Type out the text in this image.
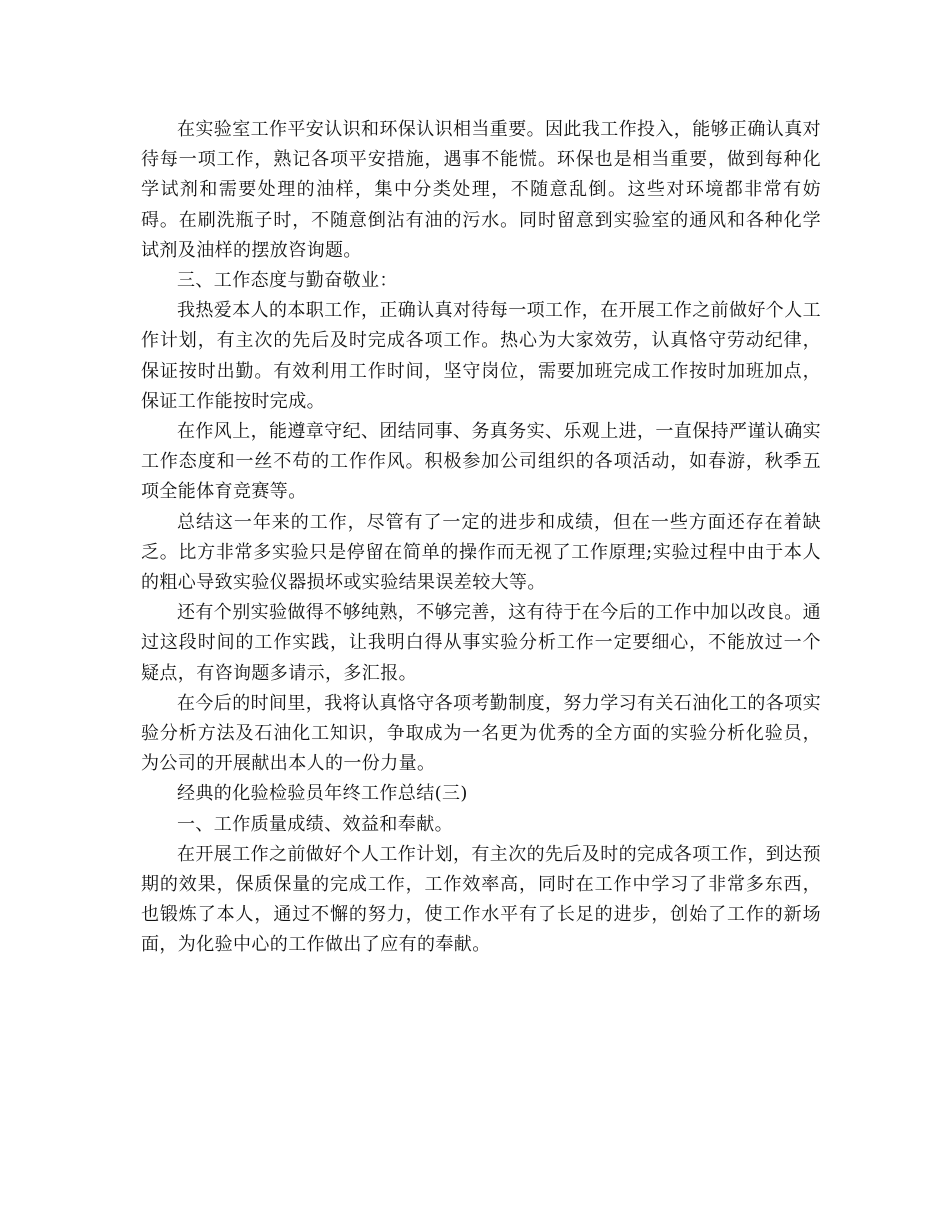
在实验室工作平安认识和环保认识相当重要。因此我工作投入，能够正确认真对待每一项工作，熟记各项平安措施，遇事不能慌。环保也是相当重要，做到每种化学试剂和需要处理的油样，集中分类处理，不随意乱倒。这些对环境都非常有妨碍。在刷洗瓶子时，不随意倒沾有油的污水。同时留意到实验室的通风和各种化学试剂及油样的摆放咨询题。

三、工作态度与勤奋敬业：

我热爱本人的本职工作，正确认真对待每一项工作，在开展工作之前做好个人工作计划，有主次的先后及时完成各项工作。热心为大家效劳，认真恪守劳动纪律，保证按时出勤。有效利用工作时间，坚守岗位，需要加班完成工作按时加班加点，保证工作能按时完成。

在作风上，能遵章守纪、团结同事、务真务实、乐观上进，一直保持严谨认确实工作态度和一丝不苟的工作作风。积极参加公司组织的各项活动，如春游，秋季五项全能体育竞赛等。

总结这一年来的工作，尽管有了一定的进步和成绩，但在一些方面还存在着缺乏。比方非常多实验只是停留在简单的操作而无视了工作原理;实验过程中由于本人的粗心导致实验仪器损坏或实验结果误差较大等。

还有个别实验做得不够纯熟，不够完善，这有待于在今后的工作中加以改良。通过这段时间的工作实践，让我明白得从事实验分析工作一定要细心，不能放过一个疑点，有咨询题多请示，多汇报。

在今后的时间里，我将认真恪守各项考勤制度，努力学习有关石油化工的各项实验分析方法及石油化工知识，争取成为一名更为优秀的全方面的实验分析化验员，为公司的开展献出本人的一份力量。

经典的化验检验员年终工作总结(三)

一、工作质量成绩、效益和奉献。

在开展工作之前做好个人工作计划，有主次的先后及时的完成各项工作，到达预期的效果，保质保量的完成工作，工作效率高，同时在工作中学习了非常多东西，也锻炼了本人，通过不懈的努力，使工作水平有了长足的进步，创始了工作的新场面，为化验中心的工作做出了应有的奉献。
